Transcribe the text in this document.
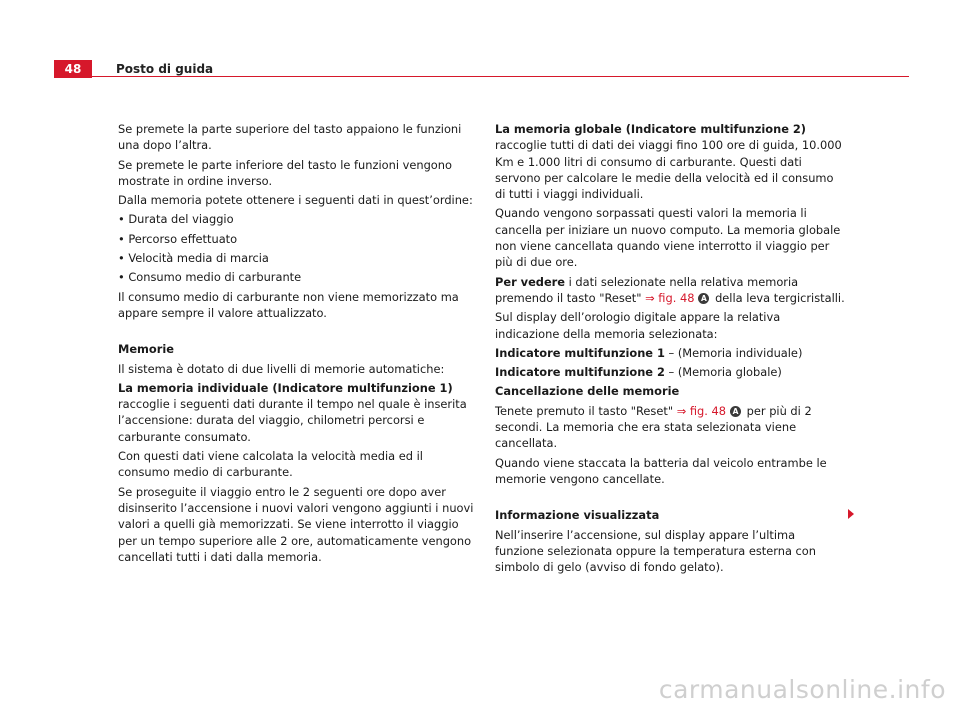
48	Posto di guida

Se premete la parte superiore del tasto appaiono le funzioni una dopo l’altra.

Se premete le parte inferiore del tasto le funzioni vengono mostrate in ordine inverso.

Dalla memoria potete ottenere i seguenti dati in quest’ordine:

• Durata del viaggio

• Percorso effettuato

• Velocità media di marcia

• Consumo medio di carburante

Il consumo medio di carburante non viene memorizzato ma appare sempre il valore attualizzato.

Memorie

Il sistema è dotato di due livelli di memorie automatiche:

La memoria individuale (Indicatore multifunzione 1) raccoglie i seguenti dati durante il tempo nel quale è inserita l’accensione: durata del viaggio, chilometri percorsi e carburante consumato.

Con questi dati viene calcolata la velocità media ed il consumo medio di carburante.

Se proseguite il viaggio entro le 2 seguenti ore dopo aver disinserito l’accensione i nuovi valori vengono aggiunti i nuovi valori a quelli già memorizzati. Se viene interrotto il viaggio per un tempo superiore alle 2 ore, automaticamente vengono cancellati tutti i dati dalla memoria.

La memoria globale (Indicatore multifunzione 2) raccoglie tutti di dati dei viaggi fino 100 ore di guida, 10.000 Km e 1.000 litri di consumo di carburante. Questi dati servono per calcolare le medie della velocità ed il consumo di tutti i viaggi individuali.

Quando vengono sorpassati questi valori la memoria li cancella per iniziare un nuovo computo. La memoria globale non viene cancellata quando viene interrotto il viaggio per più di due ore.

Per vedere i dati selezionate nella relativa memoria premendo il tasto "Reset" ⇒ fig. 48 A della leva tergicristalli.

Sul display dell’orologio digitale appare la relativa indicazione della memoria selezionata:

Indicatore multifunzione 1 – (Memoria individuale)

Indicatore multifunzione 2 – (Memoria globale)

Cancellazione delle memorie

Tenete premuto il tasto "Reset" ⇒ fig. 48 A per più di 2 secondi. La memoria che era stata selezionata viene cancellata.

Quando viene staccata la batteria dal veicolo entrambe le memorie vengono cancellate.

Informazione visualizzata

Nell’inserire l’accensione, sul display appare l’ultima funzione selezionata oppure la temperatura esterna con simbolo di gelo (avviso di fondo gelato).

carmanualsonline.info
